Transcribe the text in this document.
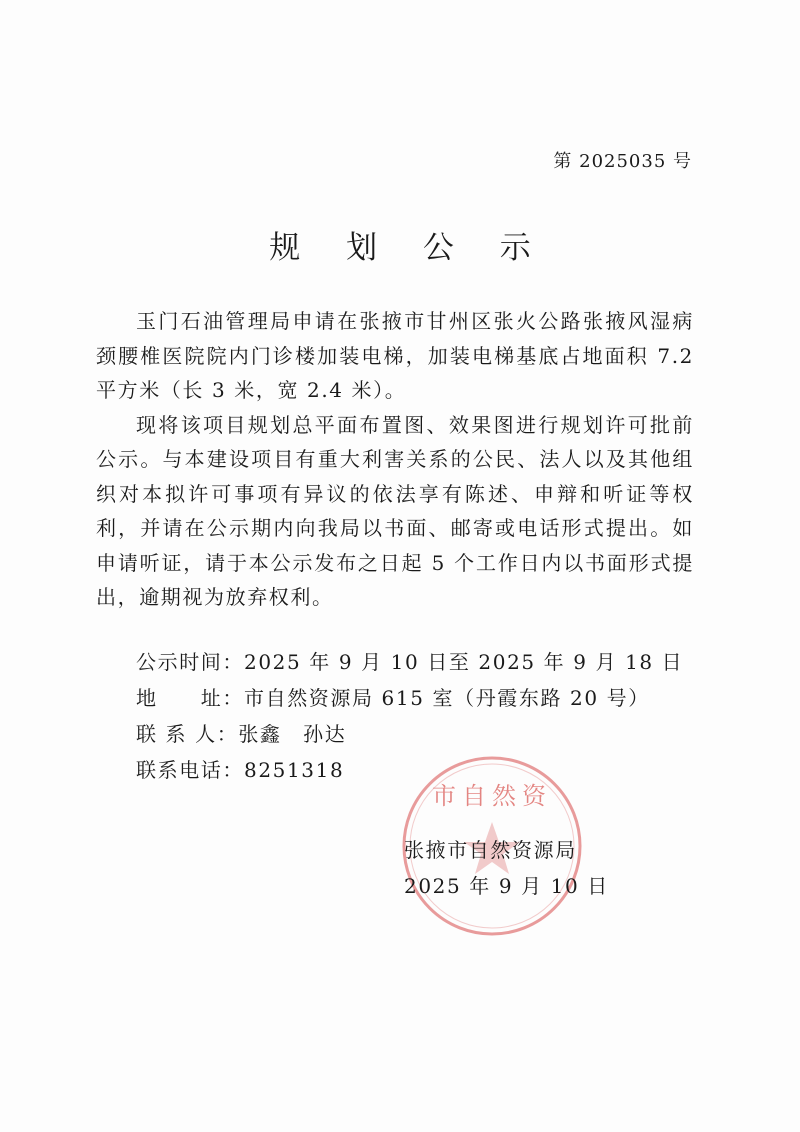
第 2025035 号
规 划 公 示

玉门石油管理局申请在张掖市甘州区张火公路张掖风湿病颈腰椎医院院内门诊楼加装电梯，加装电梯基底占地面积 7.2 平方米（长 3 米，宽 2.4 米）。

现将该项目规划总平面布置图、效果图进行规划许可批前公示。与本建设项目有重大利害关系的公民、法人以及其他组织对本拟许可事项有异议的依法享有陈述、申辩和听证等权利，并请在公示期内向我局以书面、邮寄或电话形式提出。如申请听证，请于本公示发布之日起 5 个工作日内以书面形式提出，逾期视为放弃权利。

公示时间：2025 年 9 月 10 日至 2025 年 9 月 18 日
地　　址：市自然资源局 615 室（丹霞东路 20 号）
联 系 人：张鑫　孙达
联系电话：8251318
市自然资
张掖市自然资源局
2025 年 9 月 10 日
